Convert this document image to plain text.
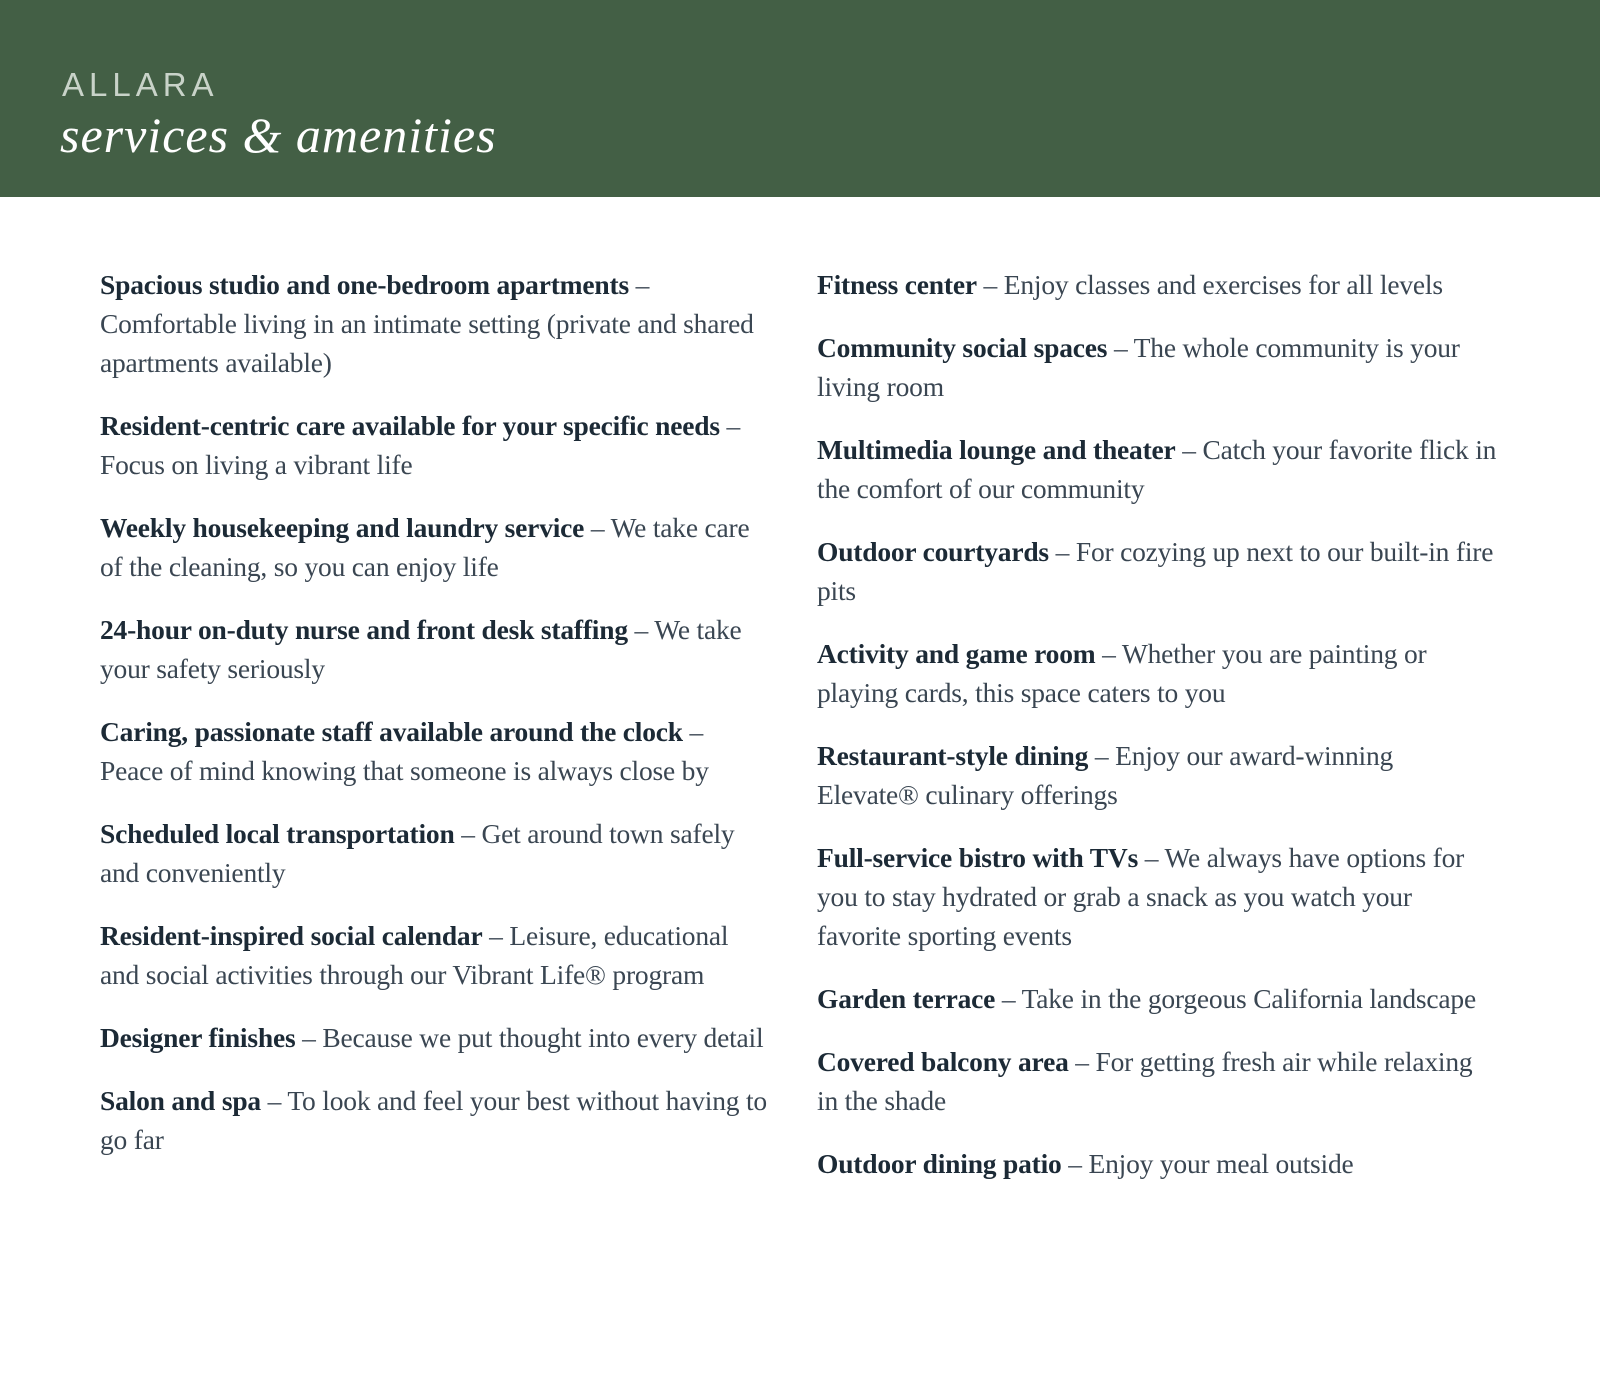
ALLARA
services & amenities

Spacious studio and one-bedroom apartments – Comfortable living in an intimate setting (private and shared apartments available)

Resident-centric care available for your specific needs – Focus on living a vibrant life

Weekly housekeeping and laundry service – We take care of the cleaning, so you can enjoy life

24-hour on-duty nurse and front desk staffing – We take your safety seriously

Caring, passionate staff available around the clock – Peace of mind knowing that someone is always close by

Scheduled local transportation – Get around town safely and conveniently

Resident-inspired social calendar – Leisure, educational and social activities through our Vibrant Life® program

Designer finishes – Because we put thought into every detail

Salon and spa – To look and feel your best without having to go far

Fitness center – Enjoy classes and exercises for all levels

Community social spaces – The whole community is your living room

Multimedia lounge and theater – Catch your favorite flick in the comfort of our community

Outdoor courtyards – For cozying up next to our built-in fire pits

Activity and game room – Whether you are painting or playing cards, this space caters to you

Restaurant-style dining – Enjoy our award-winning Elevate® culinary offerings

Full-service bistro with TVs – We always have options for you to stay hydrated or grab a snack as you watch your favorite sporting events

Garden terrace – Take in the gorgeous California landscape

Covered balcony area – For getting fresh air while relaxing in the shade

Outdoor dining patio – Enjoy your meal outside
